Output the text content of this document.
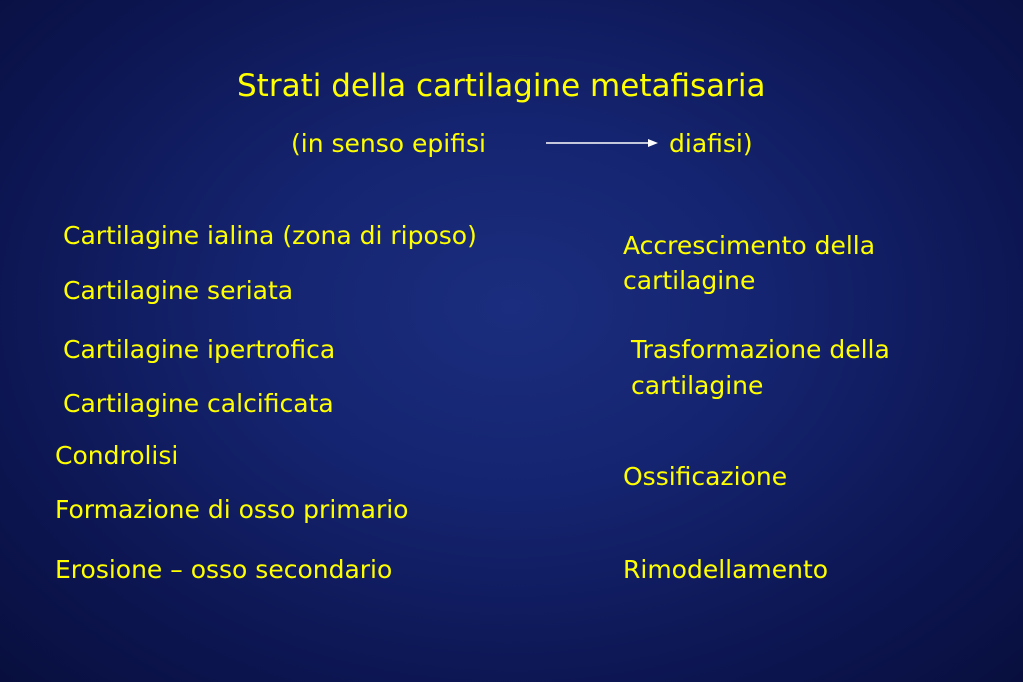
Strati della cartilagine metafisaria
(in senso epifisi	diafisi)
Cartilagine ialina (zona di riposo)
Cartilagine seriata
Cartilagine ipertrofica
Cartilagine calcificata
Condrolisi
Formazione di osso primario
Erosione – osso secondario
Accrescimento della
cartilagine
Trasformazione della
cartilagine
Ossificazione
Rimodellamento
